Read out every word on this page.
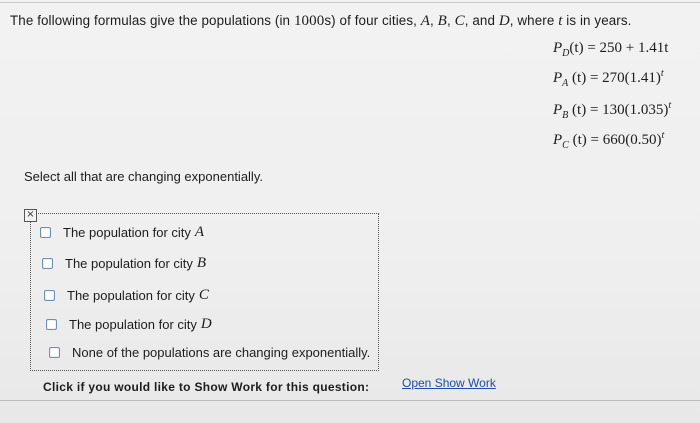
The following formulas give the populations (in 1000s) of four cities, A, B, C, and D, where t is in years.
$P_D(t) = 250 + 1.41t$
$P_A$ $(t) = 270(1.41)^t$
$P_B$ $(t) = 130(1.035)^t$
$P_C$ $(t) = 660(0.50)^t$
Select all that are changing exponentially.
×
The population for city A
The population for city B
The population for city C
The population for city D
None of the populations are changing exponentially.
Click if you would like to Show Work for this question:	Open Show Work
